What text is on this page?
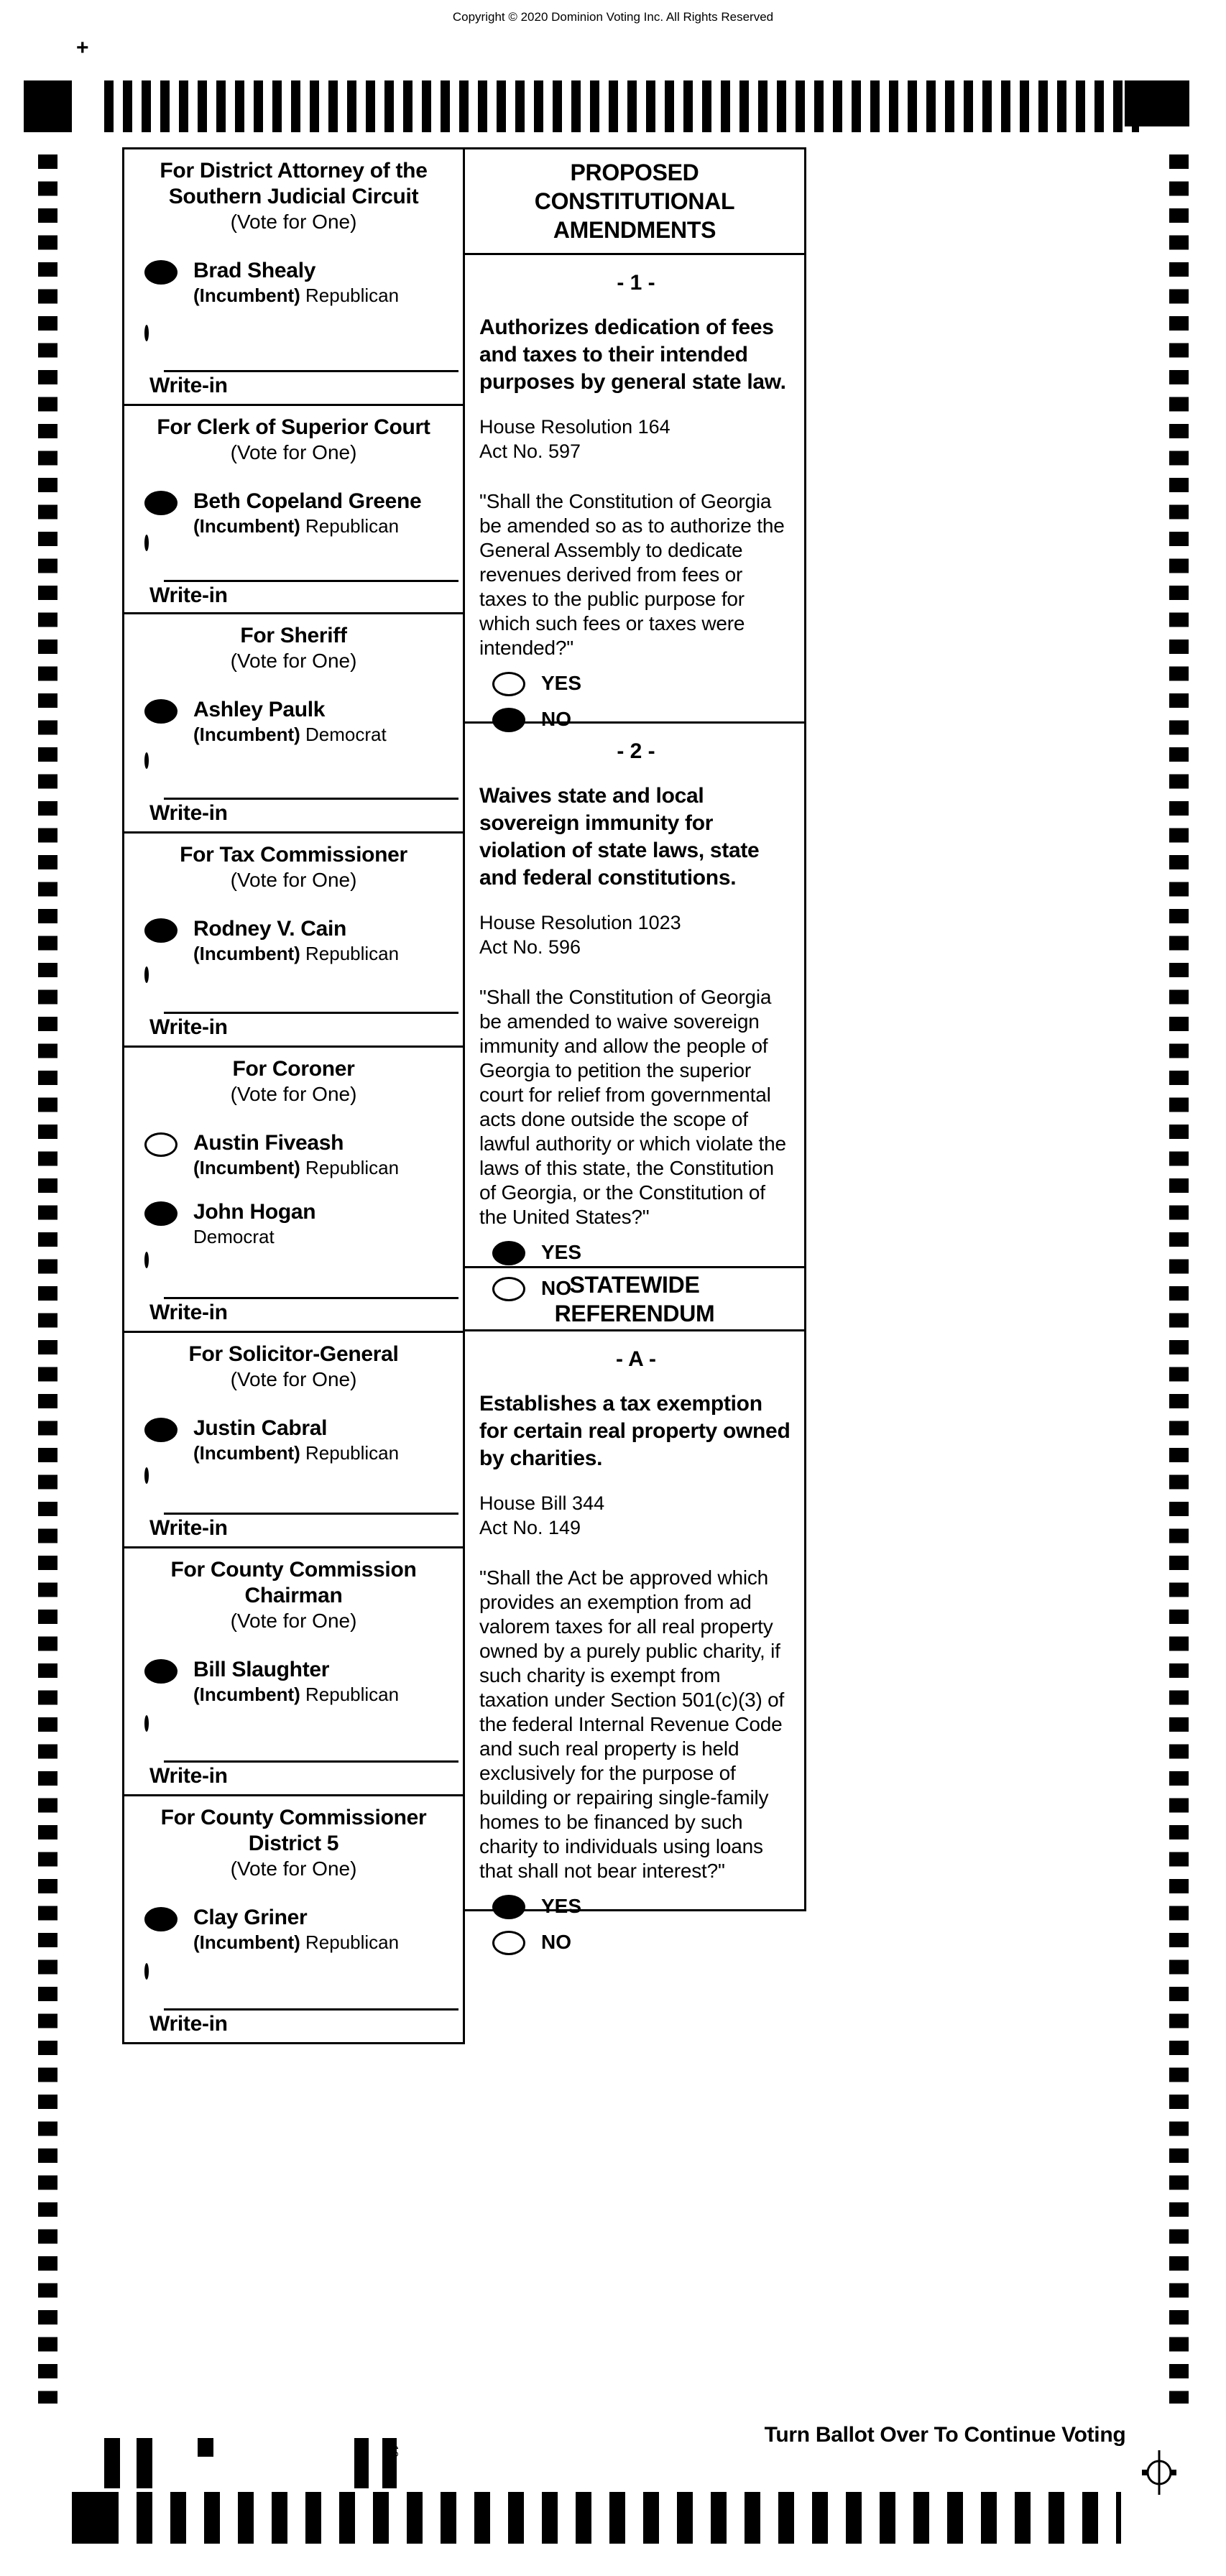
Copyright © 2020 Dominion Voting Inc. All Rights Reserved
+
For District Attorney of the
Southern Judicial Circuit
(Vote for One)
Brad Shealy
(Incumbent) Republican
Write-in
For Clerk of Superior Court
(Vote for One)
Beth Copeland Greene
(Incumbent) Republican
Write-in
For Sheriff
(Vote for One)
Ashley Paulk
(Incumbent) Democrat
Write-in
For Tax Commissioner
(Vote for One)
Rodney V. Cain
(Incumbent) Republican
Write-in
For Coroner
(Vote for One)
Austin Fiveash
(Incumbent) Republican
John Hogan
Democrat
Write-in
For Solicitor-General
(Vote for One)
Justin Cabral
(Incumbent) Republican
Write-in
For County Commission
Chairman
(Vote for One)
Bill Slaughter
(Incumbent) Republican
Write-in
For County Commissioner
District 5
(Vote for One)
Clay Griner
(Incumbent) Republican
Write-in
PROPOSED
CONSTITUTIONAL
AMENDMENTS
- 1 -
Authorizes dedication of fees and taxes to their intended purposes by general state law.
House Resolution 164
Act No. 597
"Shall the Constitution of Georgia be amended so as to authorize the General Assembly to dedicate revenues derived from fees or taxes to the public purpose for which such fees or taxes were intended?"
YES
NO
- 2 -
Waives state and local sovereign immunity for violation of state laws, state and federal constitutions.
House Resolution 1023
Act No. 596
"Shall the Constitution of Georgia be amended to waive sovereign immunity and allow the people of Georgia to petition the superior court for relief from governmental acts done outside the scope of lawful authority or which violate the laws of this state, the Constitution of Georgia, or the Constitution of the United States?"
YES
NO
STATEWIDE
REFERENDUM
- A -
Establishes a tax exemption for certain real property owned by charities.
House Bill 344
Act No. 149
"Shall the Act be approved which provides an exemption from ad valorem taxes for all real property owned by a purely public charity, if such charity is exempt from taxation under Section 501(c)(3) of the federal Internal Revenue Code and such real property is held exclusively for the purpose of building or repairing single-family homes to be financed by such charity to individuals using loans that shall not bear interest?"
YES
NO
19
Turn Ballot Over To Continue Voting
